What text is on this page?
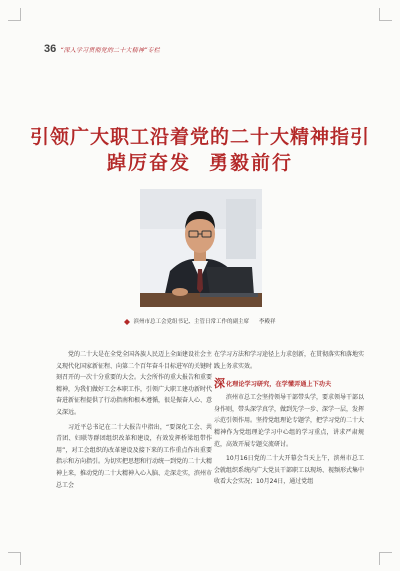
36 “深入学习贯彻党的二十大精神”专栏
引领广大职工沿着党的二十大精神指引
踔厉奋发 勇毅前行
滨州市总工会党组书记、主管日常工作的副主席 李殿祥

党的二十大是在全党全国各族人民迈上全面建设社会主义现代化国家新征程、向第二个百年奋斗目标进军的关键时刻召开的一次十分重要的大会。大会所作的重大报告和重要精神，为我们做好工会本职工作，引领广大职工建功新时代奋进新征程提供了行动指南和根本遵循，很是振奋人心、意义深远。

习近平总书记在二十大报告中指出，“要深化工会、共青团、妇联等群团组织改革和建设，有效发挥桥梁纽带作用”，对工会组织的改革建设及接下来的工作重点作出重要指示和方向指引。为切实把思想和行动统一到党的二十大精神上来，推动党的二十大精神入心入脑、走深走实，滨州市总工会

在学习方法和学习途径上力求创新，在贯彻落实和落地实践上务求实效。

深 化理论学习研究，在学懂弄通上下功夫

滨州市总工会坚持领导干部带头学，要求领导干部以身作则，带头深学真学，做到先学一步、深学一层，发挥示范引领作用。坚持党组理论专题学，把学习党的二十大精神作为党组理论学习中心组的学习重点，讲求严肃规范，高效开展专题交流研讨。

10月16日党的二十大开幕会当天上午，滨州市总工会就组织系统内广大党员干部职工以现场、视频形式集中收看大会实况；10月24日，通过党组
